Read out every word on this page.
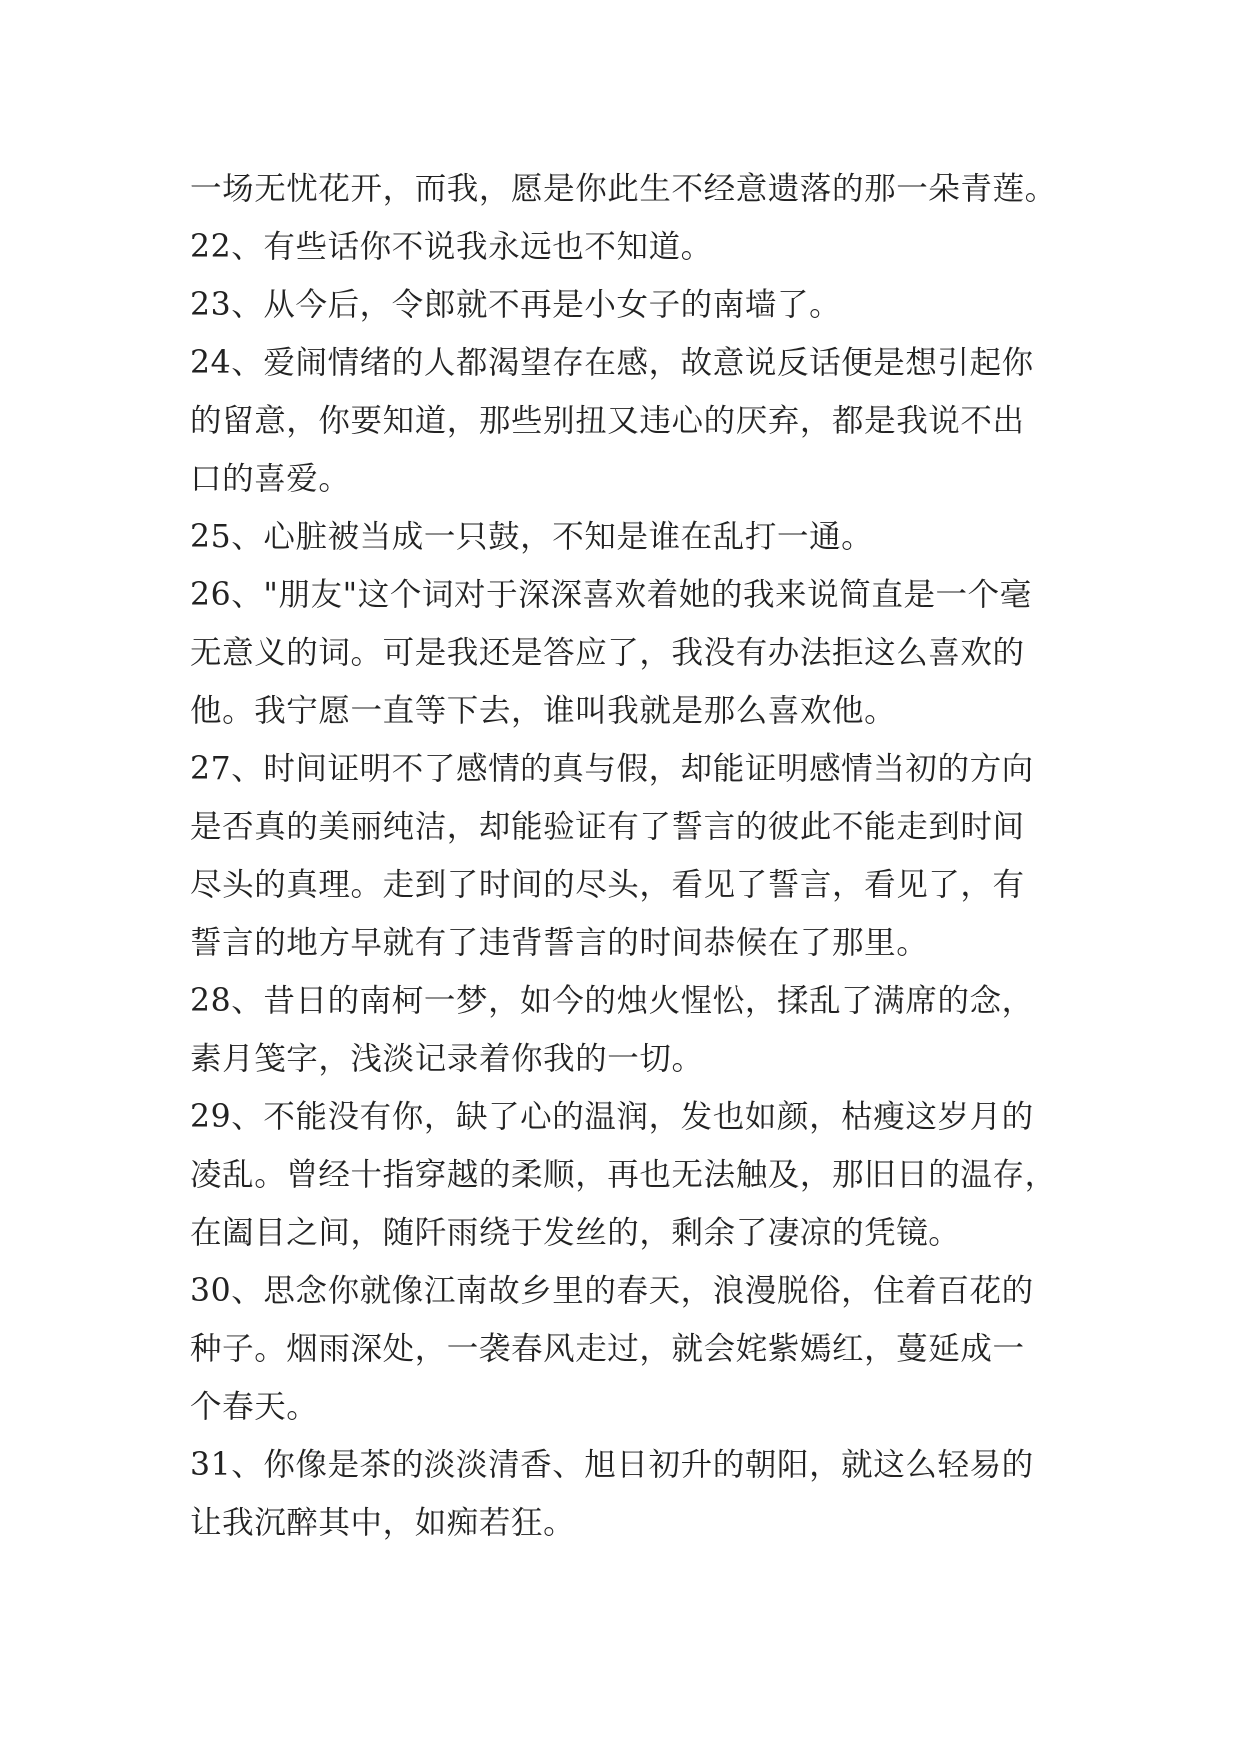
一场无忧花开，而我，愿是你此生不经意遗落的那一朵青莲。
22、有些话你不说我永远也不知道。
23、从今后，令郎就不再是小女子的南墙了。
24、爱闹情绪的人都渴望存在感，故意说反话便是想引起你
的留意，你要知道，那些别扭又违心的厌弃，都是我说不出
口的喜爱。
25、心脏被当成一只鼓，不知是谁在乱打一通。
26、"朋友"这个词对于深深喜欢着她的我来说简直是一个毫
无意义的词。可是我还是答应了，我没有办法拒这么喜欢的
他。我宁愿一直等下去，谁叫我就是那么喜欢他。
27、时间证明不了感情的真与假，却能证明感情当初的方向
是否真的美丽纯洁，却能验证有了誓言的彼此不能走到时间
尽头的真理。走到了时间的尽头，看见了誓言，看见了，有
誓言的地方早就有了违背誓言的时间恭候在了那里。
28、昔日的南柯一梦，如今的烛火惺忪，揉乱了满席的念，
素月笺字，浅淡记录着你我的一切。
29、不能没有你，缺了心的温润，发也如颜，枯瘦这岁月的
凌乱。曾经十指穿越的柔顺，再也无法触及，那旧日的温存，
在阖目之间，随阡雨绕于发丝的，剩余了凄凉的凭镜。
30、思念你就像江南故乡里的春天，浪漫脱俗，住着百花的
种子。烟雨深处，一袭春风走过，就会姹紫嫣红，蔓延成一
个春天。
31、你像是茶的淡淡清香、旭日初升的朝阳，就这么轻易的
让我沉醉其中，如痴若狂。
